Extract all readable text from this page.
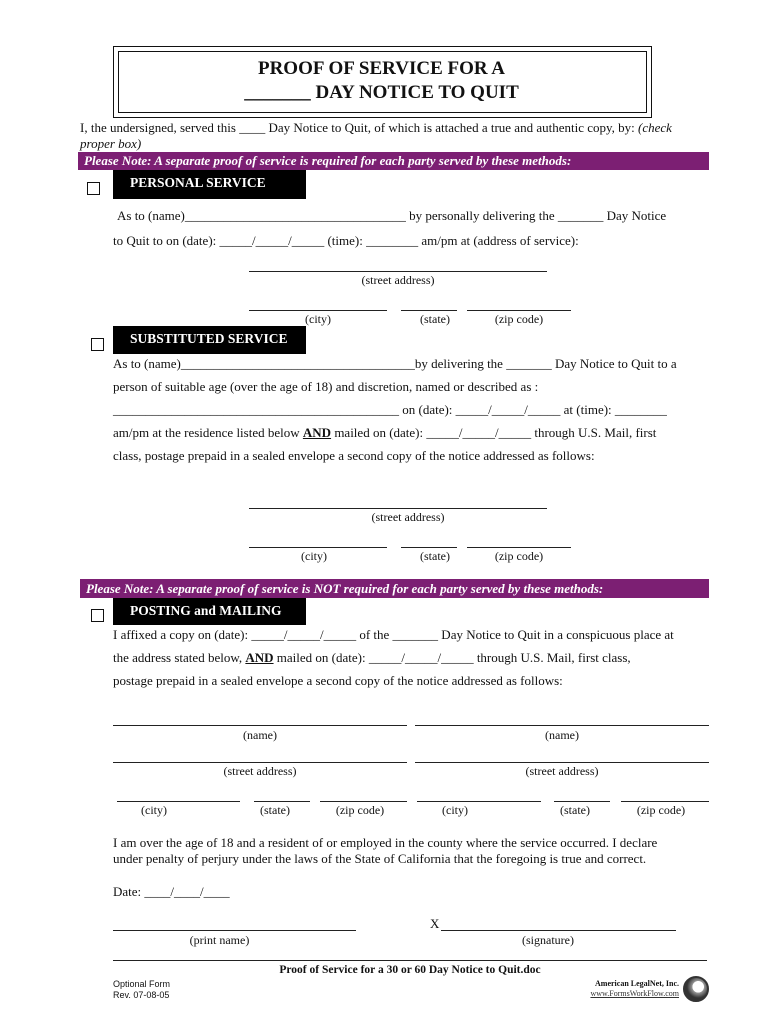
PROOF OF SERVICE FOR A
_______ DAY NOTICE TO QUIT
I, the undersigned, served this ____ Day Notice to Quit, of which is attached a true and authentic copy, by: (check
proper box)
Please Note: A separate proof of service is required for each party served by these methods:
PERSONAL SERVICE
As to (name)__________________________________ by personally delivering the _______ Day Notice
to Quit to on (date): _____/_____/_____ (time): ________ am/pm at (address of service):
(street address)
(city)	(state)	(zip code)
SUBSTITUTED SERVICE
As to (name)____________________________________by delivering the _______ Day Notice to Quit to a
person of suitable age (over the age of 18) and discretion, named or described as :
____________________________________________ on (date): _____/_____/_____ at (time): ________
am/pm at the residence listed below AND mailed on (date): _____/_____/_____ through U.S. Mail, first
class, postage prepaid in a sealed envelope a second copy of the notice addressed as follows:
(street address)
(city)	(state)	(zip code)
Please Note: A separate proof of service is NOT required for each party served by these methods:
POSTING and MAILING
I affixed a copy on (date): _____/_____/_____ of the _______ Day Notice to Quit in a conspicuous place at
the address stated below, AND mailed on (date): _____/_____/_____ through U.S. Mail, first class,
postage prepaid in a sealed envelope a second copy of the notice addressed as follows:
(name)	(name)
(street address)	(street address)
(city)	(state)	(zip code)	(city)	(state)	(zip code)
I am over the age of 18 and a resident of or employed in the county where the service occurred. I declare
under penalty of perjury under the laws of the State of California that the foregoing is true and correct.
Date: ____/____/____
(print name)
X
(signature)
Proof of Service for a 30 or 60 Day Notice to Quit.doc
Optional Form
Rev. 07-08-05
American LegalNet, Inc.
www.FormsWorkFlow.com
